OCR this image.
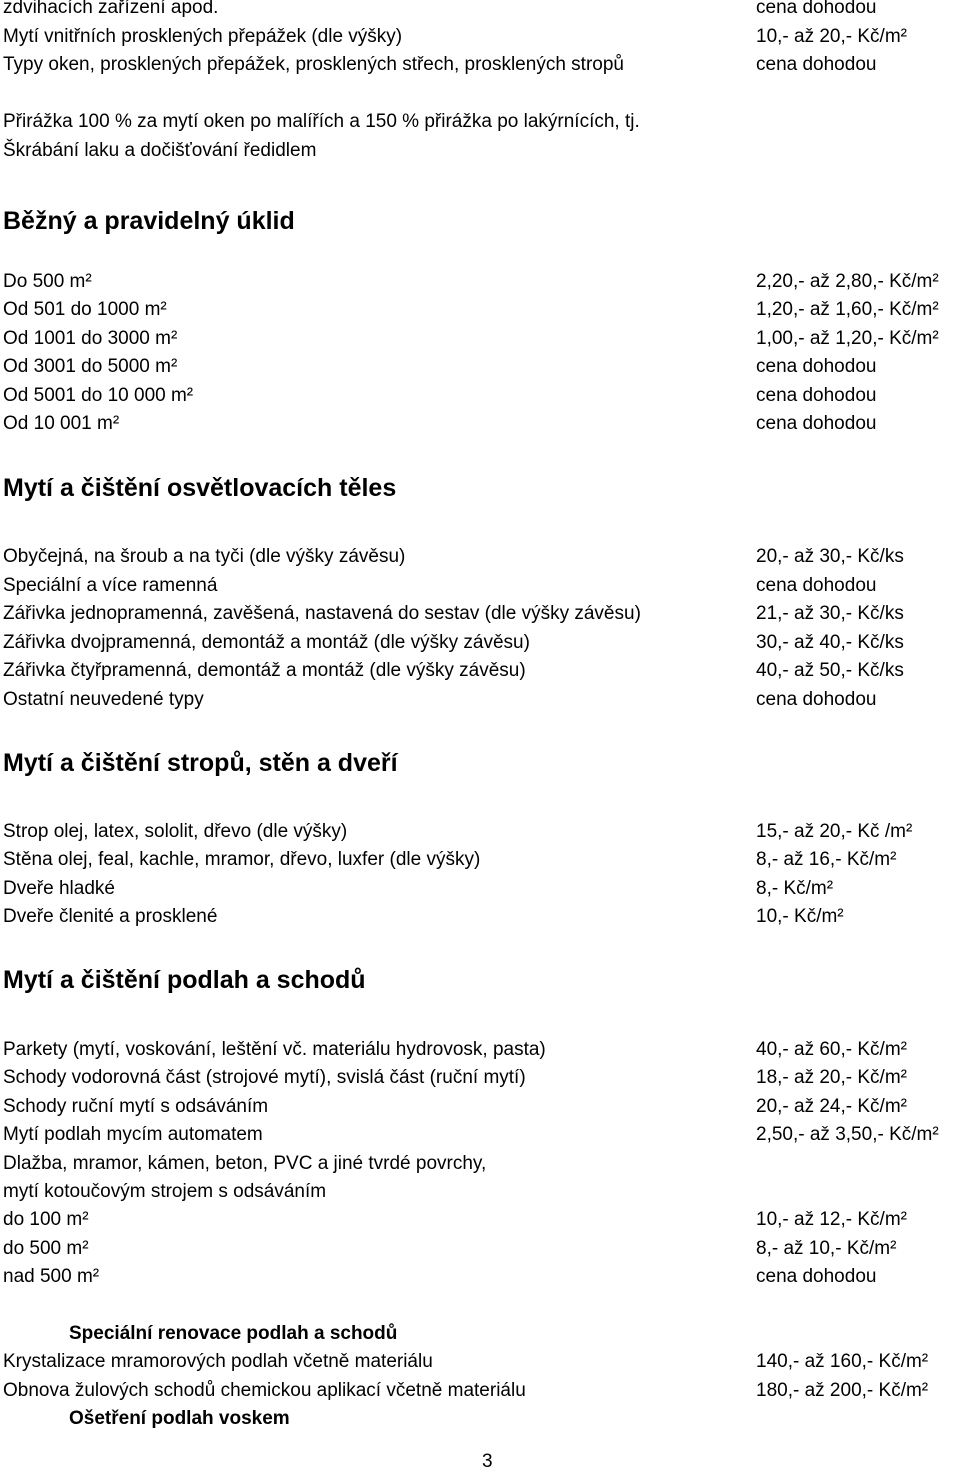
zdvihacích zařízení apod.	cena dohodou
Mytí vnitřních prosklených přepážek (dle výšky)	10,- až 20,- Kč/m²
Typy oken, prosklených přepážek, prosklených střech, prosklených stropů	cena dohodou
Přirážka 100 % za mytí oken po malířích a 150 % přirážka po lakýrnících, tj.
Škrábání laku a dočišťování ředidlem
Běžný a pravidelný úklid
Do 500 m²	2,20,- až 2,80,- Kč/m²
Od 501 do 1000 m²	1,20,- až 1,60,- Kč/m²
Od 1001 do 3000 m²	1,00,- až 1,20,- Kč/m²
Od 3001 do 5000 m²	cena dohodou
Od 5001 do 10 000 m²	cena dohodou
Od 10 001 m²	cena dohodou
Mytí a čištění osvětlovacích těles
Obyčejná, na šroub a na tyči (dle výšky závěsu)	20,- až 30,- Kč/ks
Speciální a více ramenná	cena dohodou
Zářivka jednopramenná, zavěšená, nastavená do sestav (dle výšky závěsu)	21,- až 30,- Kč/ks
Zářivka dvojpramenná, demontáž a montáž (dle výšky závěsu)	30,- až 40,- Kč/ks
Zářivka čtyřpramenná, demontáž a montáž (dle výšky závěsu)	40,- až 50,- Kč/ks
Ostatní neuvedené typy	cena dohodou
Mytí a čištění stropů, stěn a dveří
Strop olej, latex, sololit, dřevo (dle výšky)	15,- až 20,- Kč /m²
Stěna olej, feal, kachle, mramor, dřevo, luxfer (dle výšky)	8,- až 16,- Kč/m²
Dveře hladké	8,- Kč/m²
Dveře členité a prosklené	10,- Kč/m²
Mytí a čištění podlah a schodů
Parkety (mytí, voskování, leštění vč. materiálu hydrovosk, pasta)	40,- až 60,- Kč/m²
Schody vodorovná část (strojové mytí), svislá část (ruční mytí)	18,- až 20,- Kč/m²
Schody ruční mytí s odsáváním	20,- až 24,- Kč/m²
Mytí podlah mycím automatem	2,50,- až 3,50,- Kč/m²
Dlažba, mramor, kámen, beton, PVC a jiné tvrdé povrchy,
mytí kotoučovým strojem s odsáváním
do 100 m²	10,- až 12,- Kč/m²
do 500 m²	8,- až 10,- Kč/m²
nad 500 m²	cena dohodou
Speciální renovace podlah a schodů
Krystalizace mramorových podlah včetně materiálu	140,- až 160,- Kč/m²
Obnova žulových schodů chemickou aplikací včetně materiálu	180,- až 200,- Kč/m²
Ošetření podlah voskem
3
